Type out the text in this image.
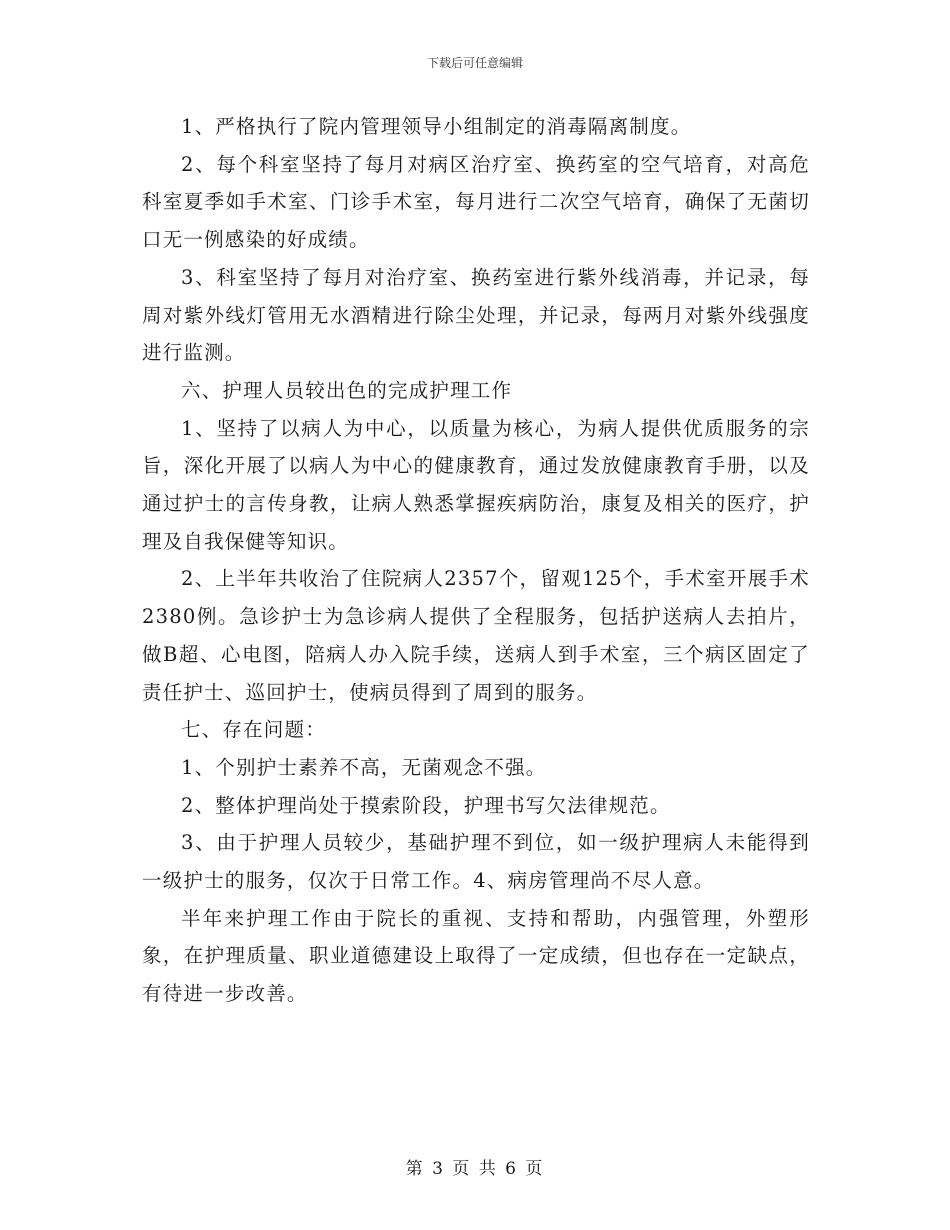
下载后可任意编辑

1、严格执行了院内管理领导小组制定的消毒隔离制度。

2、每个科室坚持了每月对病区治疗室、换药室的空气培育，对高危科室夏季如手术室、门诊手术室，每月进行二次空气培育，确保了无菌切口无一例感染的好成绩。

3、科室坚持了每月对治疗室、换药室进行紫外线消毒，并记录，每周对紫外线灯管用无水酒精进行除尘处理，并记录，每两月对紫外线强度进行监测。

六、护理人员较出色的完成护理工作

1、坚持了以病人为中心，以质量为核心，为病人提供优质服务的宗旨，深化开展了以病人为中心的健康教育，通过发放健康教育手册，以及通过护士的言传身教，让病人熟悉掌握疾病防治，康复及相关的医疗，护理及自我保健等知识。

2、上半年共收治了住院病人2357个，留观125个，手术室开展手术2380例。急诊护士为急诊病人提供了全程服务，包括护送病人去拍片，做B超、心电图，陪病人办入院手续，送病人到手术室，三个病区固定了责任护士、巡回护士，使病员得到了周到的服务。

七、存在问题：

1、个别护士素养不高，无菌观念不强。

2、整体护理尚处于摸索阶段，护理书写欠法律规范。

3、由于护理人员较少，基础护理不到位，如一级护理病人未能得到一级护士的服务，仅次于日常工作。4、病房管理尚不尽人意。

半年来护理工作由于院长的重视、支持和帮助，内强管理，外塑形象，在护理质量、职业道德建设上取得了一定成绩，但也存在一定缺点，有待进一步改善。

第 3 页 共 6 页
